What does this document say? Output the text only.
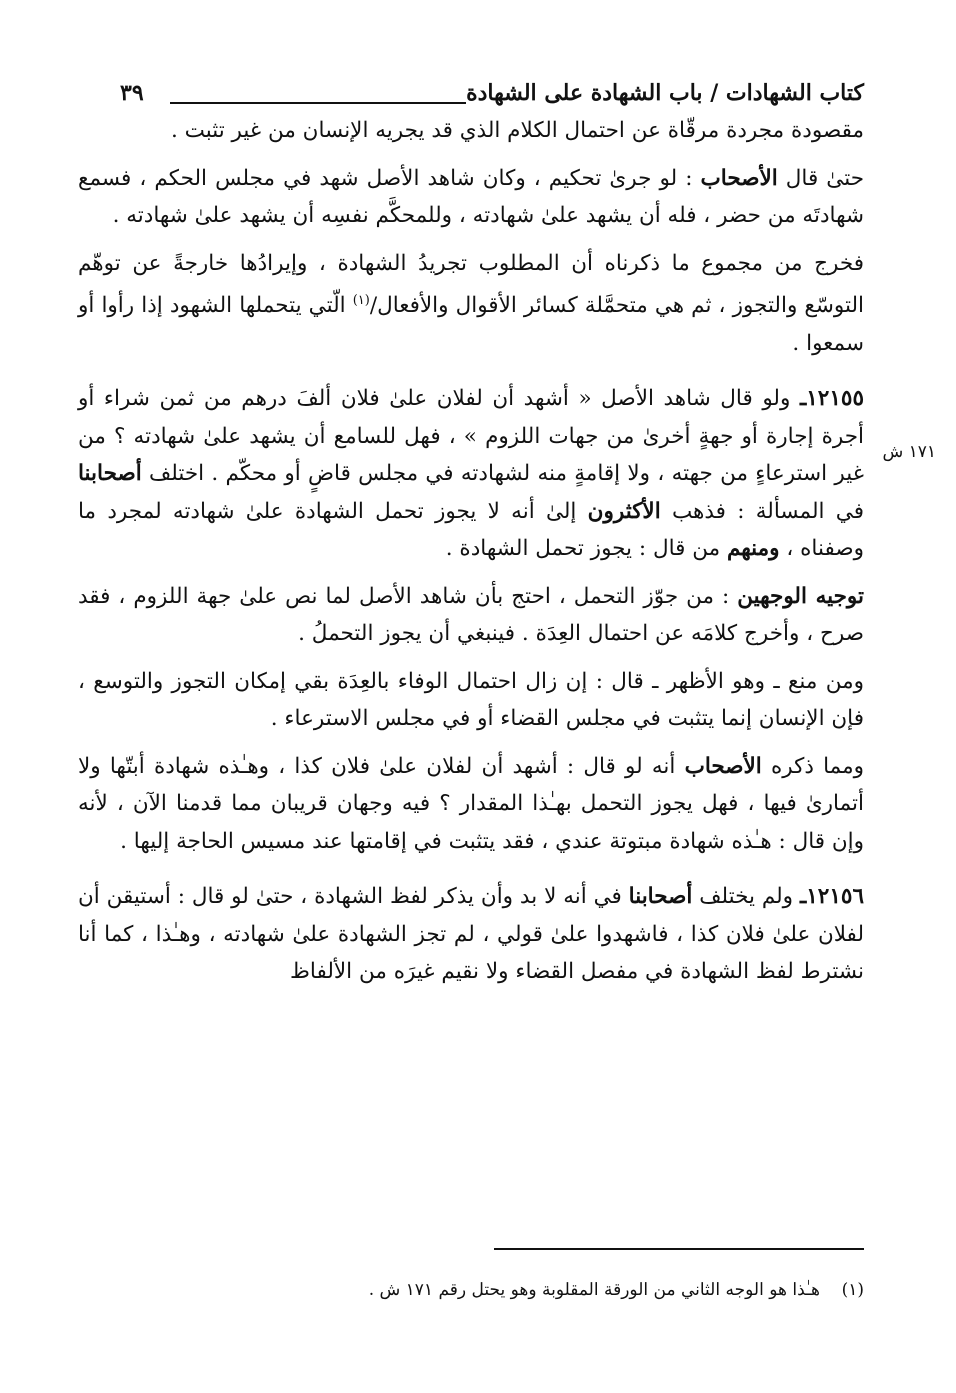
كتاب الشهادات / باب الشهادة على الشهادة
٣٩
١٧١ ش

مقصودة مجردة مرقّاة عن احتمال الكلام الذي قد يجريه الإنسان من غير تثبت .

حتىٰ قال الأصحاب : لو جرىٰ تحكيم ، وكان شاهد الأصل شهد في مجلس الحكم ، فسمع شهادتَه من حضر ، فله أن يشهد علىٰ شهادته ، وللمحكَّم نفسِه أن يشهد علىٰ شهادته .

فخرج من مجموع ما ذكرناه أن المطلوب تجريدُ الشهادة ، وإيرادُها خارجةً عن توهّم التوسّع والتجوز ، ثم هي متحمَّلة كسائر الأقوال والأفعال/$^{(١)}$ الّتي يتحملها الشهود إذا رأوا أو سمعوا .

١٢١٥٥ـ ولو قال شاهد الأصل « أشهد أن لفلان علىٰ فلان ألفَ درهم من ثمن شراء أو أجرة إجارة أو جهةٍ أخرىٰ من جهات اللزوم » ، فهل للسامع أن يشهد علىٰ شهادته ؟ من غير استرعاءٍ من جهته ، ولا إقامةٍ منه لشهادته في مجلس قاضٍ أو محكّم . اختلف أصحابنا في المسألة : فذهب الأكثرون إلىٰ أنه لا يجوز تحمل الشهادة علىٰ شهادته لمجرد ما وصفناه ، ومنهم من قال : يجوز تحمل الشهادة .

توجيه الوجهين : من جوّز التحمل ، احتج بأن شاهد الأصل لما نص علىٰ جهة اللزوم ، فقد صرح ، وأخرج كلامَه عن احتمال العِدَة . فينبغي أن يجوز التحملُ .

ومن منع ـ وهو الأظهر ـ قال : إن زال احتمال الوفاء بالعِدَة بقي إمكان التجوز والتوسع ، فإن الإنسان إنما يتثبت في مجلس القضاء أو في مجلس الاسترعاء .

ومما ذكره الأصحاب أنه لو قال : أشهد أن لفلان علىٰ فلان كذا ، وهـٰذه شهادة أبتّها ولا أتمارىٰ فيها ، فهل يجوز التحمل بهـٰذا المقدار ؟ فيه وجهان قريبان مما قدمنا الآن ، لأنه وإن قال : هـٰذه شهادة مبتوتة عندي ، فقد يتثبت في إقامتها عند مسيس الحاجة إليها .

١٢١٥٦ـ ولم يختلف أصحابنا في أنه لا بد وأن يذكر لفظ الشهادة ، حتىٰ لو قال : أستيقن أن لفلان علىٰ فلان كذا ، فاشهدوا علىٰ قولي ، لم تجز الشهادة علىٰ شهادته ، وهـٰذا ، كما أنا نشترط لفظ الشهادة في مفصل القضاء ولا نقيم غيرَه من الألفاظ

(١)    هـٰذا هو الوجه الثاني من الورقة المقلوبة وهو يحتل رقم ١٧١ ش .
